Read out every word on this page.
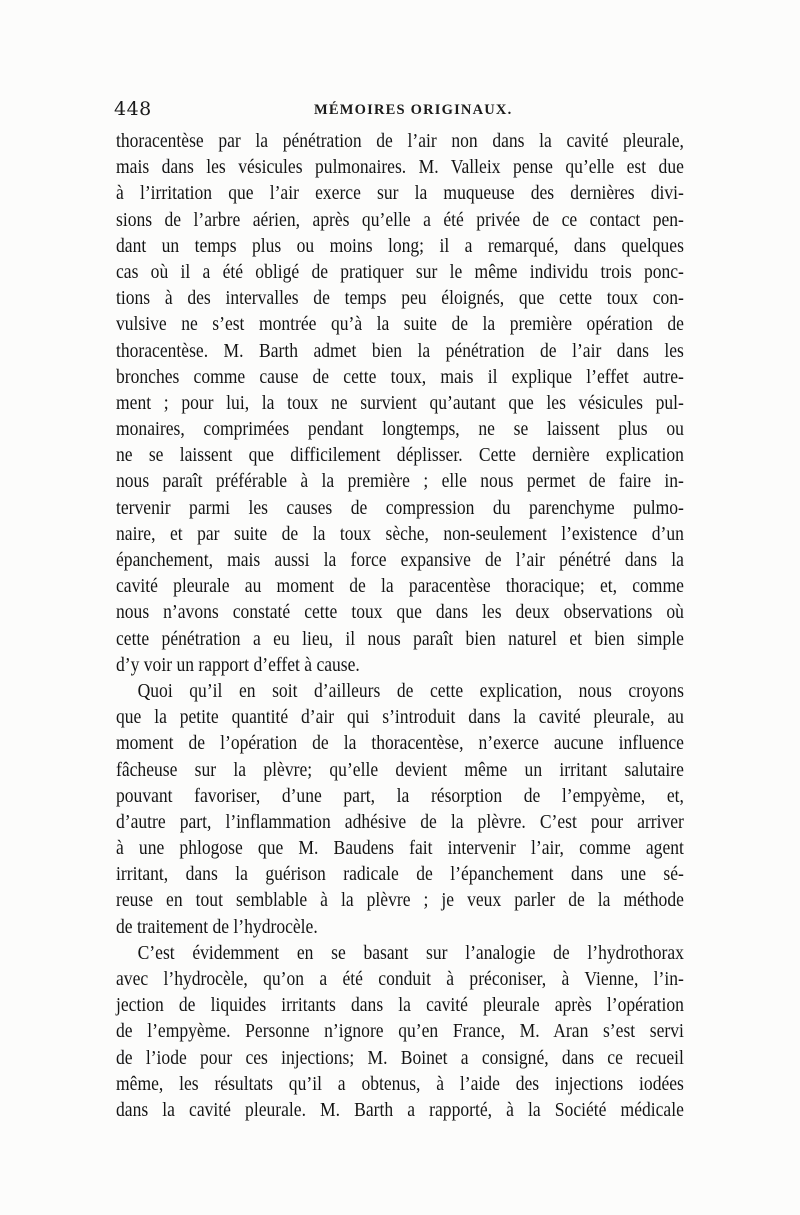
448	MÉMOIRES ORIGINAUX.
thoracentèse par la pénétration de l’air non dans la cavité pleurale,
mais dans les vésicules pulmonaires. M. Valleix pense qu’elle est due
à l’irritation que l’air exerce sur la muqueuse des dernières divi-
sions de l’arbre aérien, après qu’elle a été privée de ce contact pen-
dant un temps plus ou moins long; il a remarqué, dans quelques
cas où il a été obligé de pratiquer sur le même individu trois ponc-
tions à des intervalles de temps peu éloignés, que cette toux con-
vulsive ne s’est montrée qu’à la suite de la première opération de
thoracentèse. M. Barth admet bien la pénétration de l’air dans les
bronches comme cause de cette toux, mais il explique l’effet autre-
ment ; pour lui, la toux ne survient qu’autant que les vésicules pul-
monaires, comprimées pendant longtemps, ne se laissent plus ou
ne se laissent que difficilement déplisser. Cette dernière explication
nous paraît préférable à la première ; elle nous permet de faire in-
tervenir parmi les causes de compression du parenchyme pulmo-
naire, et par suite de la toux sèche, non-seulement l’existence d’un
épanchement, mais aussi la force expansive de l’air pénétré dans la
cavité pleurale au moment de la paracentèse thoracique; et, comme
nous n’avons constaté cette toux que dans les deux observations où
cette pénétration a eu lieu, il nous paraît bien naturel et bien simple
d’y voir un rapport d’effet à cause.
Quoi qu’il en soit d’ailleurs de cette explication, nous croyons
que la petite quantité d’air qui s’introduit dans la cavité pleurale, au
moment de l’opération de la thoracentèse, n’exerce aucune influence
fâcheuse sur la plèvre; qu’elle devient même un irritant salutaire
pouvant favoriser, d’une part, la résorption de l’empyème, et,
d’autre part, l’inflammation adhésive de la plèvre. C’est pour arriver
à une phlogose que M. Baudens fait intervenir l’air, comme agent
irritant, dans la guérison radicale de l’épanchement dans une sé-
reuse en tout semblable à la plèvre ; je veux parler de la méthode
de traitement de l’hydrocèle.
C’est évidemment en se basant sur l’analogie de l’hydrothorax
avec l’hydrocèle, qu’on a été conduit à préconiser, à Vienne, l’in-
jection de liquides irritants dans la cavité pleurale après l’opération
de l’empyème. Personne n’ignore qu’en France, M. Aran s’est servi
de l’iode pour ces injections; M. Boinet a consigné, dans ce recueil
même, les résultats qu’il a obtenus, à l’aide des injections iodées
dans la cavité pleurale. M. Barth a rapporté, à la Société médicale
